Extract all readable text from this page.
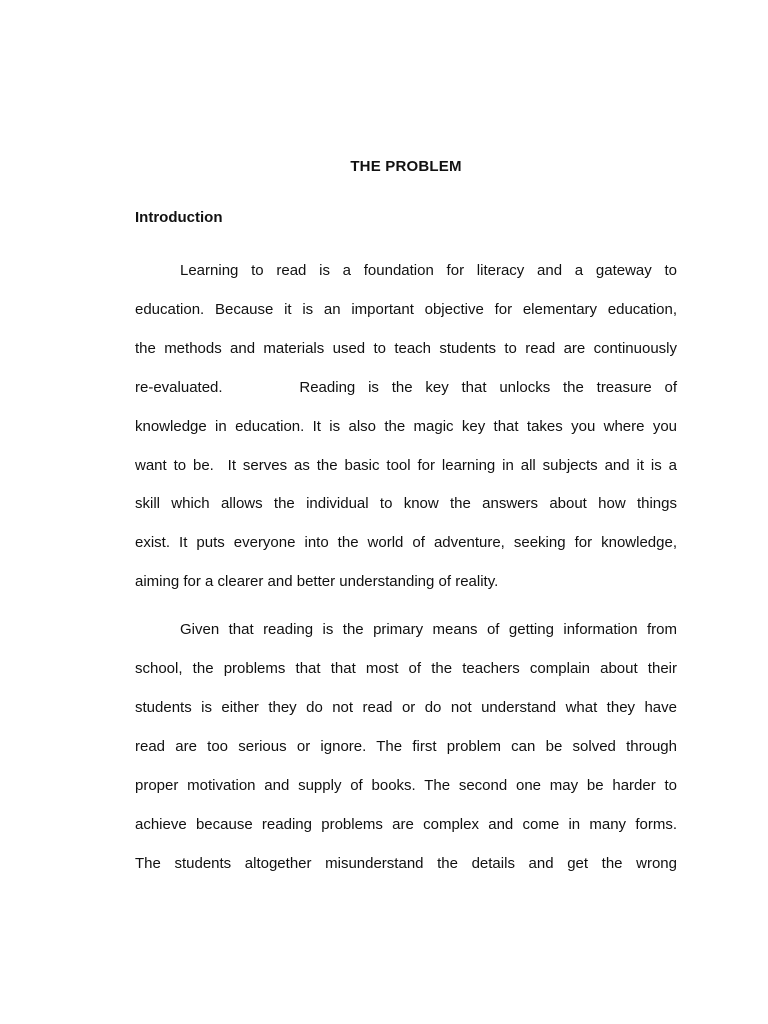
THE PROBLEM
Introduction

Learning to read is a foundation for literacy and a gateway to
education. Because it is an important objective for elementary education,
the methods and materials used to teach students to read are continuously
re-evaluated.      Reading is the key that unlocks the treasure of
knowledge in education. It is also the magic key that takes you where you
want to be.  It serves as the basic tool for learning in all subjects and it is a
skill which allows the individual to know the answers about how things
exist. It puts everyone into the world of adventure, seeking for knowledge,
aiming for a clearer and better understanding of reality.

Given that reading is the primary means of getting information from
school, the problems that that most of the teachers complain about their
students is either they do not read or do not understand what they have
read are too serious or ignore. The first problem can be solved through
proper motivation and supply of books. The second one may be harder to
achieve because reading problems are complex and come in many forms.
The students altogether misunderstand the details and get the wrong
